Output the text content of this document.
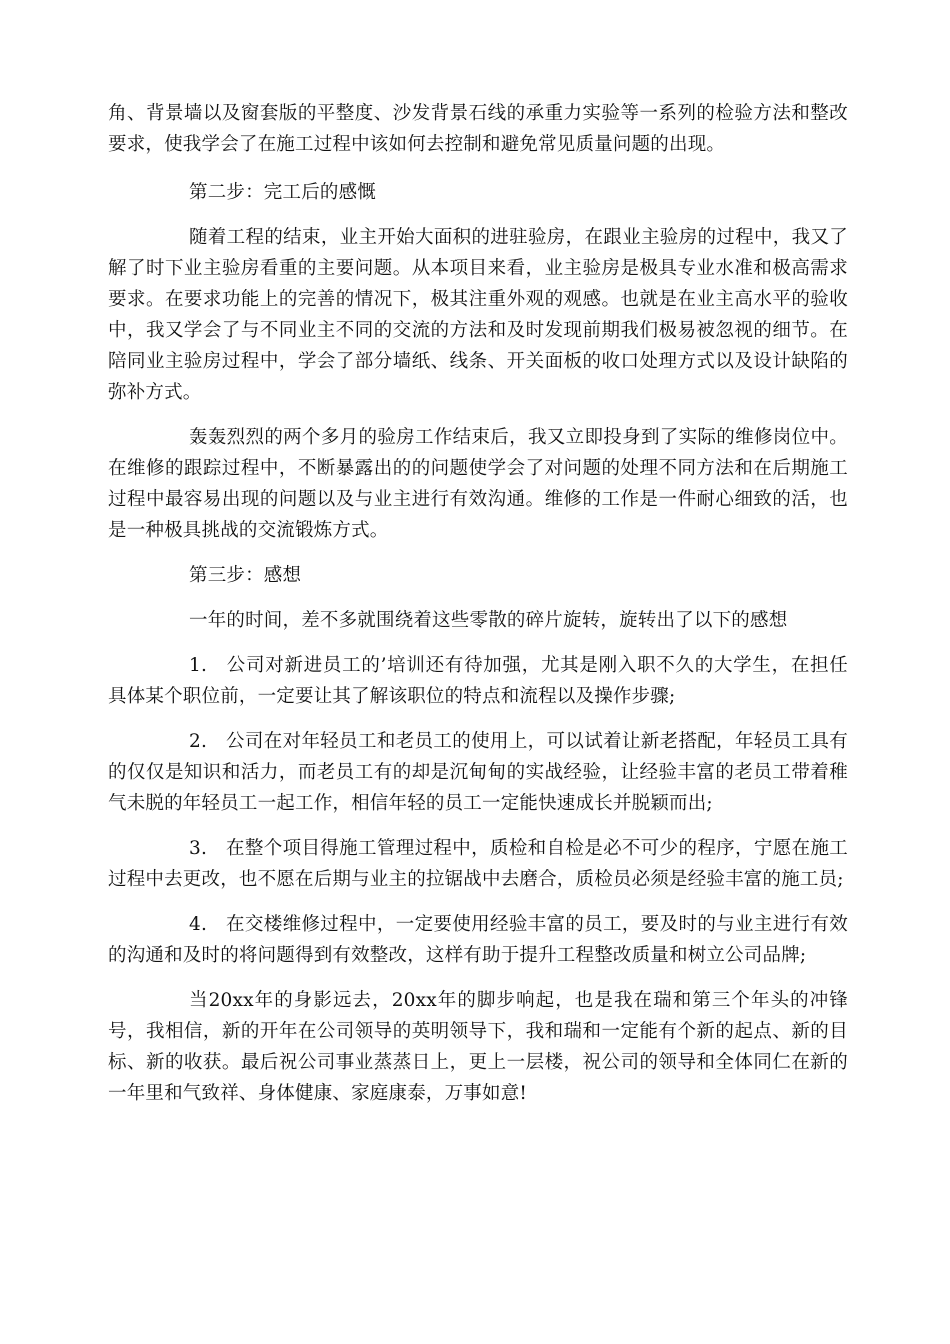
角、背景墙以及窗套版的平整度、沙发背景石线的承重力实验等一系列的检验方法和整改要求，使我学会了在施工过程中该如何去控制和避免常见质量问题的出现。

第二步：完工后的感慨

随着工程的结束，业主开始大面积的进驻验房，在跟业主验房的过程中，我又了解了时下业主验房看重的主要问题。从本项目来看，业主验房是极具专业水准和极高需求要求。在要求功能上的完善的情况下，极其注重外观的观感。也就是在业主高水平的验收中，我又学会了与不同业主不同的交流的方法和及时发现前期我们极易被忽视的细节。在陪同业主验房过程中，学会了部分墙纸、线条、开关面板的收口处理方式以及设计缺陷的弥补方式。

轰轰烈烈的两个多月的验房工作结束后，我又立即投身到了实际的维修岗位中。在维修的跟踪过程中，不断暴露出的的问题使学会了对问题的处理不同方法和在后期施工过程中最容易出现的问题以及与业主进行有效沟通。维修的工作是一件耐心细致的活，也是一种极具挑战的交流锻炼方式。

第三步：感想

一年的时间，差不多就围绕着这些零散的碎片旋转，旋转出了以下的感想

1.　公司对新进员工的’培训还有待加强，尤其是刚入职不久的大学生，在担任具体某个职位前，一定要让其了解该职位的特点和流程以及操作步骤;

2.　公司在对年轻员工和老员工的使用上，可以试着让新老搭配，年轻员工具有的仅仅是知识和活力，而老员工有的却是沉甸甸的实战经验，让经验丰富的老员工带着稚气未脱的年轻员工一起工作，相信年轻的员工一定能快速成长并脱颖而出;

3.　在整个项目得施工管理过程中，质检和自检是必不可少的程序，宁愿在施工过程中去更改，也不愿在后期与业主的拉锯战中去磨合，质检员必须是经验丰富的施工员;

4.　在交楼维修过程中，一定要使用经验丰富的员工，要及时的与业主进行有效的沟通和及时的将问题得到有效整改，这样有助于提升工程整改质量和树立公司品牌;

当20xx年的身影远去，20xx年的脚步响起，也是我在瑞和第三个年头的冲锋号，我相信，新的开年在公司领导的英明领导下，我和瑞和一定能有个新的起点、新的目标、新的收获。最后祝公司事业蒸蒸日上，更上一层楼，祝公司的领导和全体同仁在新的一年里和气致祥、身体健康、家庭康泰，万事如意!
